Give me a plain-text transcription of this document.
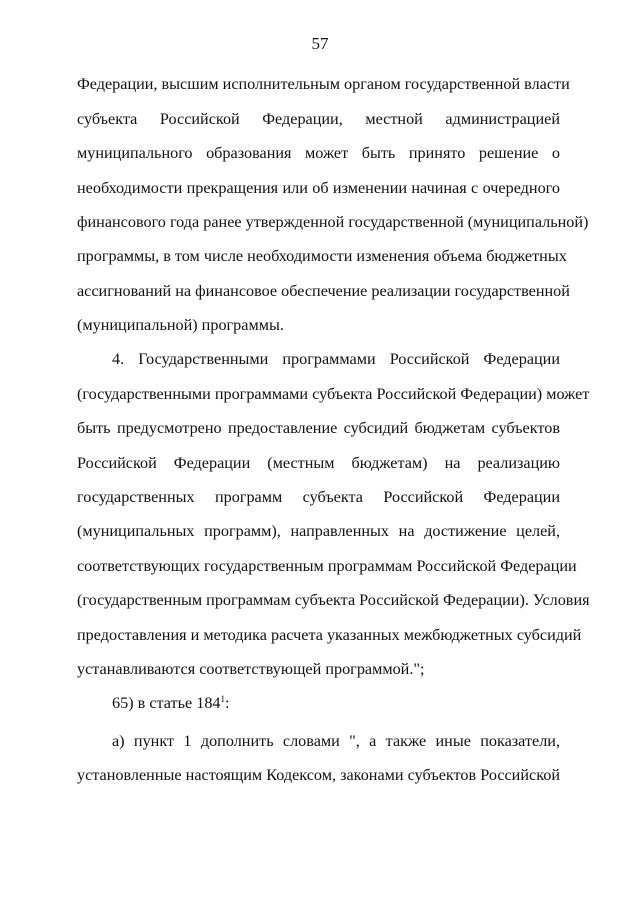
57
Федерации, высшим исполнительным органом государственной власти
субъекта Российской Федерации, местной администрацией
муниципального образования может быть принято решение о
необходимости прекращения или об изменении начиная с очередного
финансового года ранее утвержденной государственной (муниципальной)
программы, в том числе необходимости изменения объема бюджетных
ассигнований на финансовое обеспечение реализации государственной
(муниципальной) программы.
4. Государственными программами Российской Федерации
(государственными программами субъекта Российской Федерации) может
быть предусмотрено предоставление субсидий бюджетам субъектов
Российской Федерации (местным бюджетам) на реализацию
государственных программ субъекта Российской Федерации
(муниципальных программ), направленных на достижение целей,
соответствующих государственным программам Российской Федерации
(государственным программам субъекта Российской Федерации). Условия
предоставления и методика расчета указанных межбюджетных субсидий
устанавливаются соответствующей программой.";
65) в статье $184^1$:
а) пункт 1 дополнить словами ", а также иные показатели,
установленные настоящим Кодексом, законами субъектов Российской
